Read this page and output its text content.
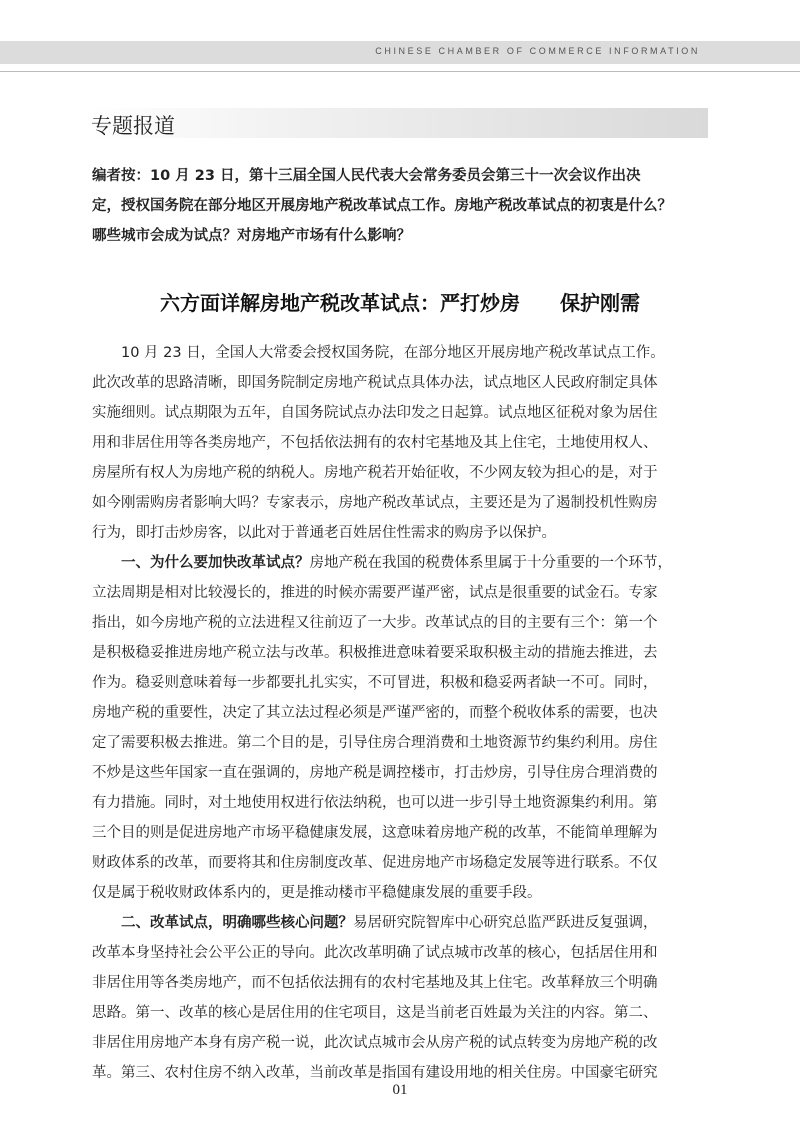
CHINESE CHAMBER OF COMMERCE INFORMATION
专题报道

编者按：10 月 23 日，第十三届全国人民代表大会常务委员会第三十一次会议作出决

定，授权国务院在部分地区开展房地产税改革试点工作。房地产税改革试点的初衷是什么？

哪些城市会成为试点？对房地产市场有什么影响？

六方面详解房地产税改革试点：严打炒房　　保护刚需

　　10 月 23 日，全国人大常委会授权国务院，在部分地区开展房地产税改革试点工作。

此次改革的思路清晰，即国务院制定房地产税试点具体办法，试点地区人民政府制定具体

实施细则。试点期限为五年，自国务院试点办法印发之日起算。试点地区征税对象为居住

用和非居住用等各类房地产，不包括依法拥有的农村宅基地及其上住宅，土地使用权人、

房屋所有权人为房地产税的纳税人。房地产税若开始征收，不少网友较为担心的是，对于

如今刚需购房者影响大吗？专家表示，房地产税改革试点，主要还是为了遏制投机性购房

行为，即打击炒房客，以此对于普通老百姓居住性需求的购房予以保护。

　　一、为什么要加快改革试点？房地产税在我国的税费体系里属于十分重要的一个环节，

立法周期是相对比较漫长的，推进的时候亦需要严谨严密，试点是很重要的试金石。专家

指出，如今房地产税的立法进程又往前迈了一大步。改革试点的目的主要有三个：第一个

是积极稳妥推进房地产税立法与改革。积极推进意味着要采取积极主动的措施去推进，去

作为。稳妥则意味着每一步都要扎扎实实，不可冒进，积极和稳妥两者缺一不可。同时，

房地产税的重要性，决定了其立法过程必须是严谨严密的，而整个税收体系的需要，也决

定了需要积极去推进。第二个目的是，引导住房合理消费和土地资源节约集约利用。房住

不炒是这些年国家一直在强调的，房地产税是调控楼市，打击炒房，引导住房合理消费的

有力措施。同时，对土地使用权进行依法纳税，也可以进一步引导土地资源集约利用。第

三个目的则是促进房地产市场平稳健康发展，这意味着房地产税的改革，不能简单理解为

财政体系的改革，而要将其和住房制度改革、促进房地产市场稳定发展等进行联系。不仅

仅是属于税收财政体系内的，更是推动楼市平稳健康发展的重要手段。

　　二、改革试点，明确哪些核心问题？易居研究院智库中心研究总监严跃进反复强调，

改革本身坚持社会公平公正的导向。此次改革明确了试点城市改革的核心，包括居住用和

非居住用等各类房地产，而不包括依法拥有的农村宅基地及其上住宅。改革释放三个明确

思路。第一、改革的核心是居住用的住宅项目，这是当前老百姓最为关注的内容。第二、

非居住用房地产本身有房产税一说，此次试点城市会从房产税的试点转变为房地产税的改

革。第三、农村住房不纳入改革，当前改革是指国有建设用地的相关住房。中国豪宅研究

01
